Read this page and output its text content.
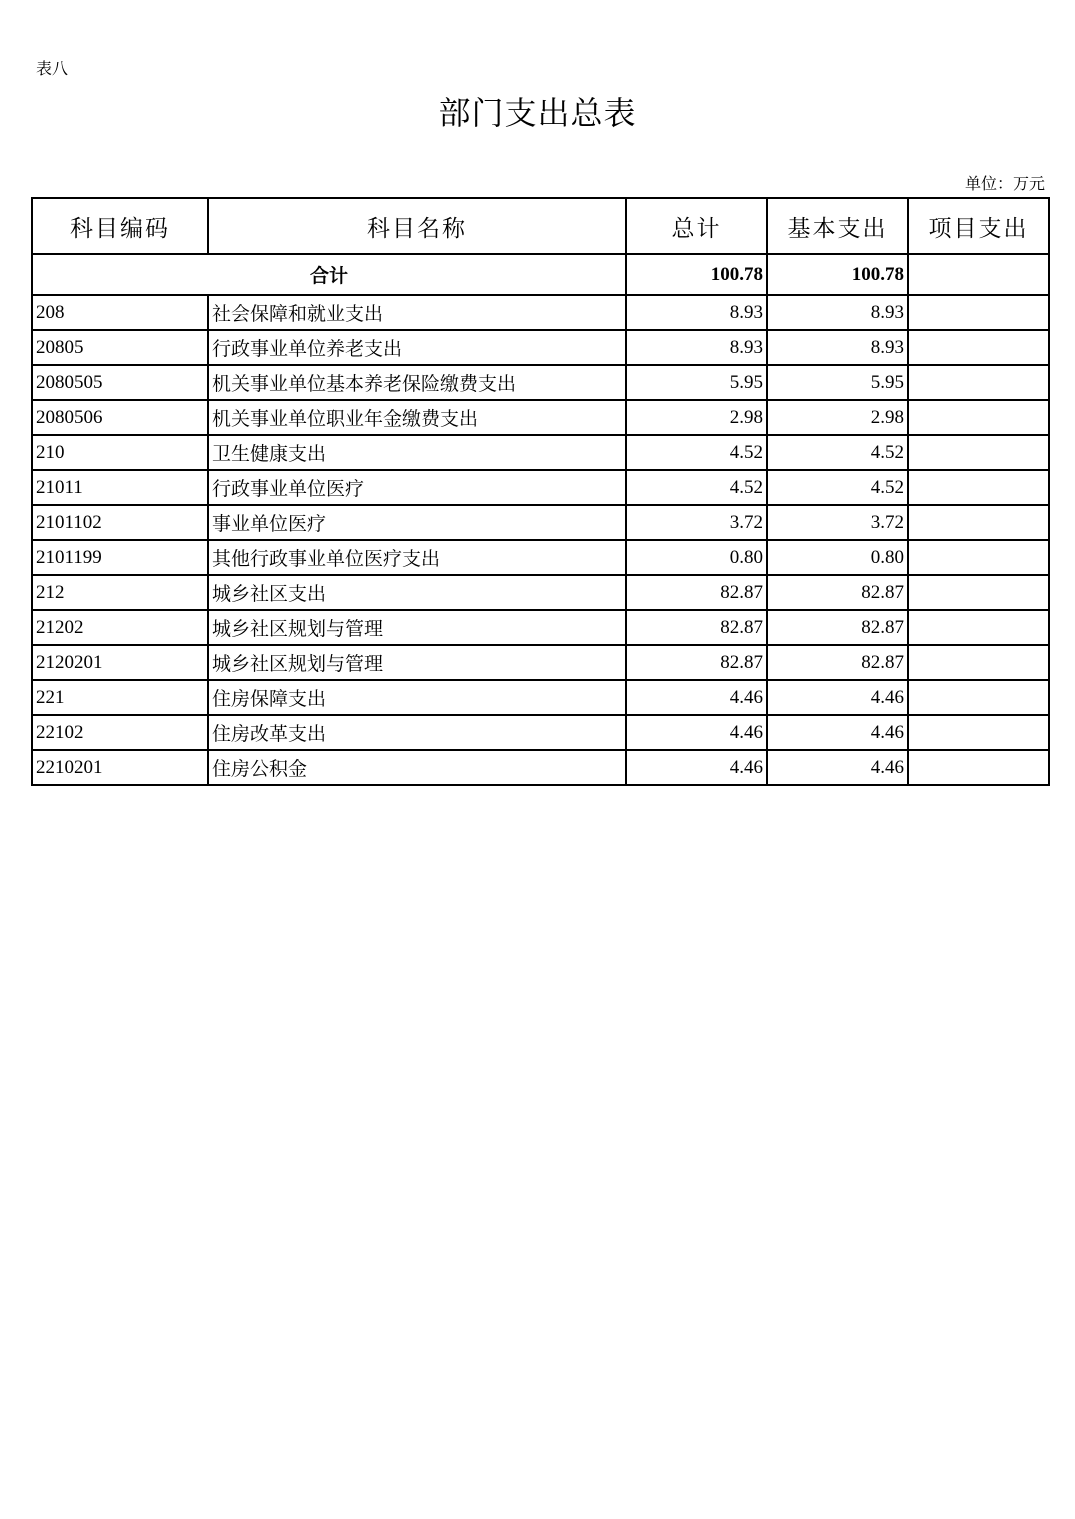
表八
部门支出总表
单位：万元
科目编码	科目名称	总计	基本支出	项目支出
合计		100.78	100.78	
208	社会保障和就业支出	8.93	8.93	
20805	行政事业单位养老支出	8.93	8.93	
2080505	机关事业单位基本养老保险缴费支出	5.95	5.95	
2080506	机关事业单位职业年金缴费支出	2.98	2.98	
210	卫生健康支出	4.52	4.52	
21011	行政事业单位医疗	4.52	4.52	
2101102	事业单位医疗	3.72	3.72	
2101199	其他行政事业单位医疗支出	0.80	0.80	
212	城乡社区支出	82.87	82.87	
21202	城乡社区规划与管理	82.87	82.87	
2120201	城乡社区规划与管理	82.87	82.87	
221	住房保障支出	4.46	4.46	
22102	住房改革支出	4.46	4.46	
2210201	住房公积金	4.46	4.46	
